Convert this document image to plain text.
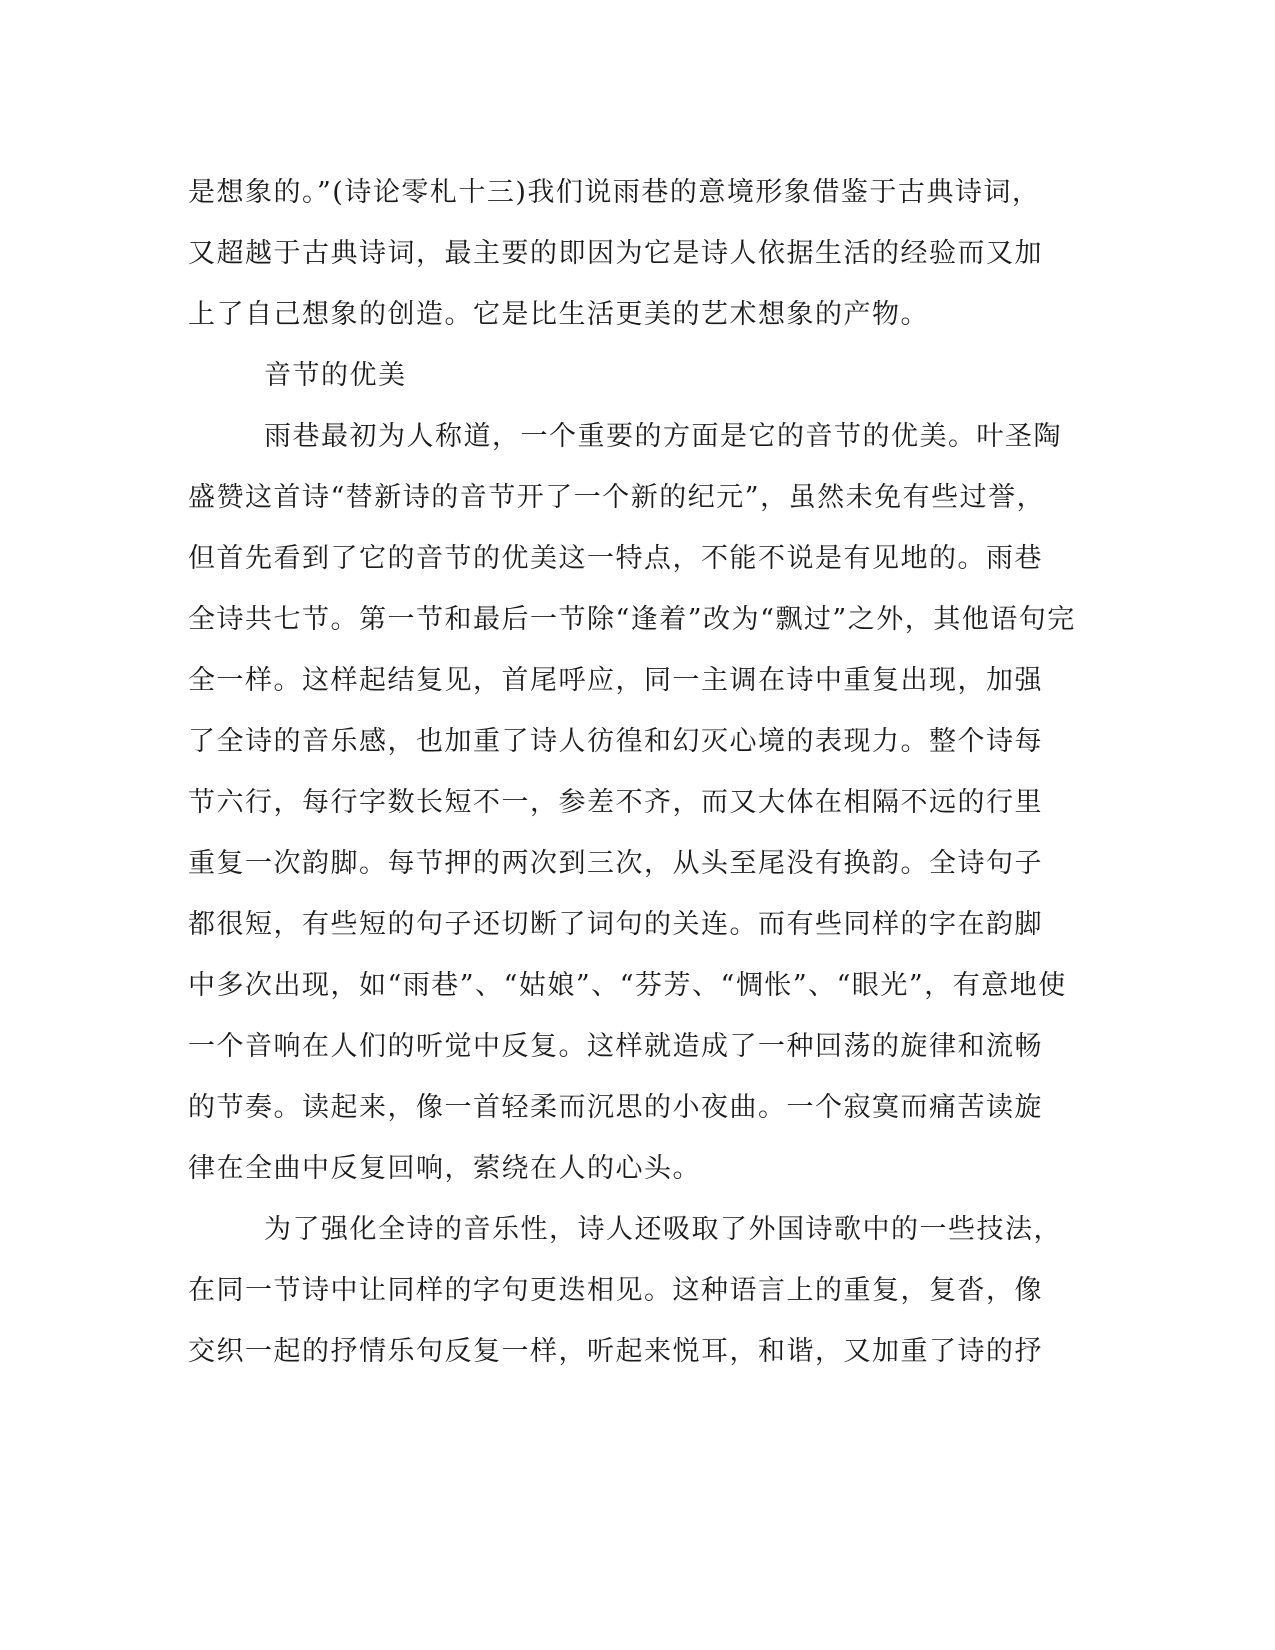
是想象的。”(诗论零札十三)我们说雨巷的意境形象借鉴于古典诗词，
又超越于古典诗词，最主要的即因为它是诗人依据生活的经验而又加
上了自己想象的创造。它是比生活更美的艺术想象的产物。
音节的优美
雨巷最初为人称道，一个重要的方面是它的音节的优美。叶圣陶
盛赞这首诗“替新诗的音节开了一个新的纪元”，虽然未免有些过誉，
但首先看到了它的音节的优美这一特点，不能不说是有见地的。雨巷
全诗共七节。第一节和最后一节除“逢着”改为“飘过”之外，其他语句完
全一样。这样起结复见，首尾呼应，同一主调在诗中重复出现，加强
了全诗的音乐感，也加重了诗人彷徨和幻灭心境的表现力。整个诗每
节六行，每行字数长短不一，参差不齐，而又大体在相隔不远的行里
重复一次韵脚。每节押的两次到三次，从头至尾没有换韵。全诗句子
都很短，有些短的句子还切断了词句的关连。而有些同样的字在韵脚
中多次出现，如“雨巷”、“姑娘”、“芬芳、“惆怅”、“眼光”，有意地使
一个音响在人们的听觉中反复。这样就造成了一种回荡的旋律和流畅
的节奏。读起来，像一首轻柔而沉思的小夜曲。一个寂寞而痛苦读旋
律在全曲中反复回响，萦绕在人的心头。
为了强化全诗的音乐性，诗人还吸取了外国诗歌中的一些技法，
在同一节诗中让同样的字句更迭相见。这种语言上的重复，复沓，像
交织一起的抒情乐句反复一样，听起来悦耳，和谐，又加重了诗的抒
